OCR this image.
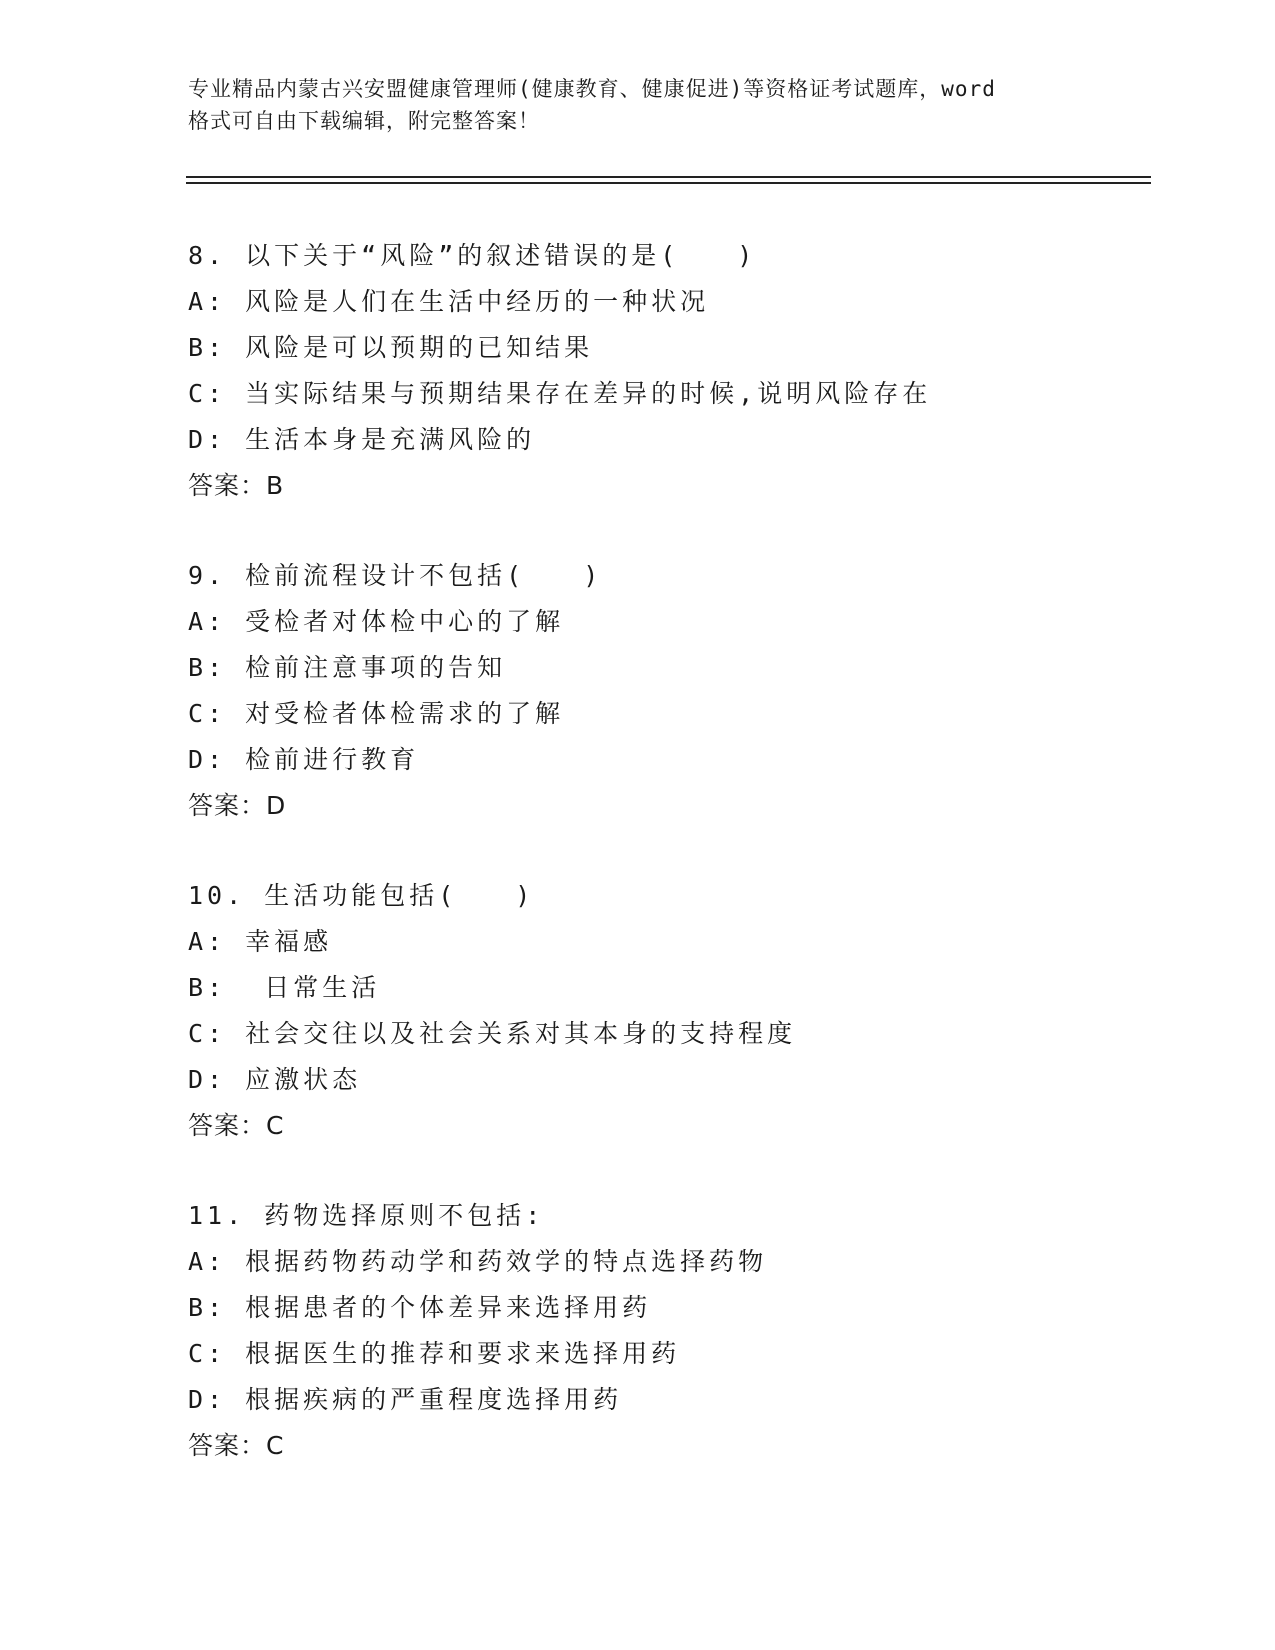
专业精品内蒙古兴安盟健康管理师(健康教育、健康促进)等资格证考试题库，word
格式可自由下载编辑，附完整答案！
8. 以下关于“风险”的叙述错误的是(　　)
A: 风险是人们在生活中经历的一种状况
B: 风险是可以预期的已知结果
C: 当实际结果与预期结果存在差异的时候,说明风险存在
D: 生活本身是充满风险的
答案：B
9. 检前流程设计不包括(　　)
A: 受检者对体检中心的了解
B: 检前注意事项的告知
C: 对受检者体检需求的了解
D: 检前进行教育
答案：D
10. 生活功能包括(　　)
A: 幸福感
B:  日常生活
C: 社会交往以及社会关系对其本身的支持程度
D: 应激状态
答案：C
11. 药物选择原则不包括:
A: 根据药物药动学和药效学的特点选择药物
B: 根据患者的个体差异来选择用药
C: 根据医生的推荐和要求来选择用药
D: 根据疾病的严重程度选择用药
答案：C
